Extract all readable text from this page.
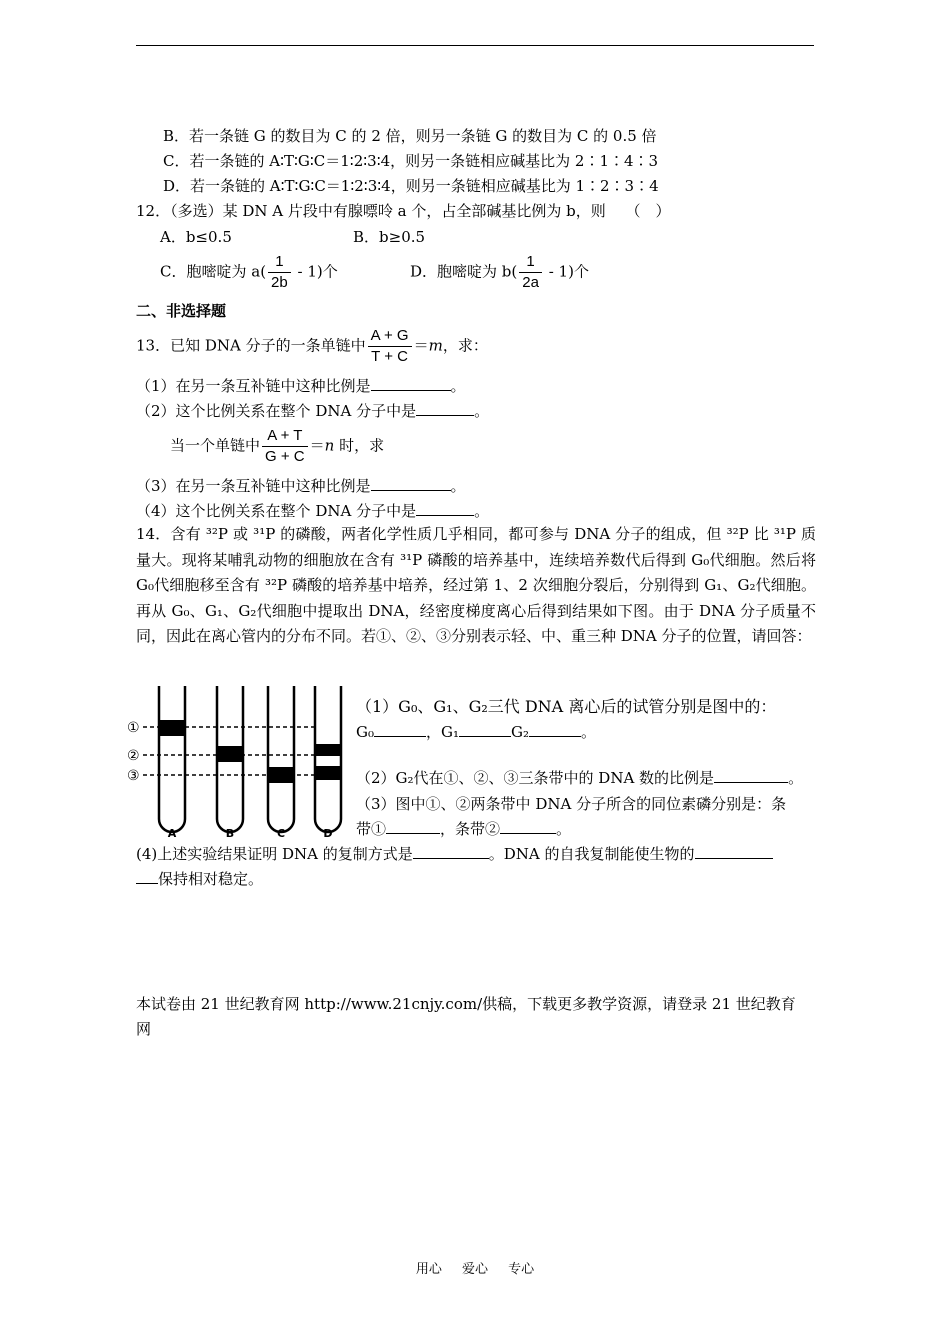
B．若一条链 G 的数目为 C 的 2 倍，则另一条链 G 的数目为 C 的 0.5 倍
C．若一条链的 A∶T∶G∶C＝1∶2∶3∶4，则另一条链相应碱基比为 2∶1∶4∶3
D．若一条链的 A∶T∶G∶C＝1∶2∶3∶4，则另一条链相应碱基比为 1∶2∶3∶4
12．（多选）某 DN A 片段中有腺嘌呤 a 个，占全部碱基比例为 b，则　 （　）
A．b≤0.5	B．b≥0.5
C．胞嘧啶为 $a( \frac{1}{2b} - 1)$个	D．胞嘧啶为 $b( \frac{1}{2a} - 1)$个
二、非选择题
13．已知 DNA 分子的一条单链中 $\frac{A + G}{T + C} =m$，求：
（1）在另一条互补链中这种比例是	。
（2）这个比例关系在整个 DNA 分子中是	。
当一个单链中 $\frac{A + T}{G + C} =n$ 时，求
（3）在另一条互补链中这种比例是	。
（4）这个比例关系在整个 DNA 分子中是	。
14．含有 ³²P 或 ³¹P 的磷酸，两者化学性质几乎相同，都可参与 DNA 分子的组成，但 ³²P 比 ³¹P 质量大。现将某哺乳动物的细胞放在含有 ³¹P 磷酸的培养基中，连续培养数代后得到 G₀代细胞。然后将 G₀代细胞移至含有 ³²P 磷酸的培养基中培养，经过第 1、2 次细胞分裂后，分别得到 G₁、G₂代细胞。再从 G₀、G₁、G₂代细胞中提取出 DNA，经密度梯度离心后得到结果如下图。由于 DNA 分子质量不同，因此在离心管内的分布不同。若①、②、③分别表示轻、中、重三种 DNA 分子的位置，请回答：
①
②
③
A	B	C	D
（1）G₀、G₁、G₂三代 DNA 离心后的试管分别是图中的：
G₀	，G₁	G₂	。
（2）G₂代在①、②、③三条带中的 DNA 数的比例是	。
（3）图中①、②两条带中 DNA 分子所含的同位素磷分别是：条
带①	，条带②	。
(4)上述实验结果证明 DNA 的复制方式是	。DNA 的自我复制能使生物的
保持相对稳定。
本试卷由 21 世纪教育网 http://www.21cnjy.com/供稿，下载更多教学资源，请登录 21 世纪教育
网
用心 爱心 专心
